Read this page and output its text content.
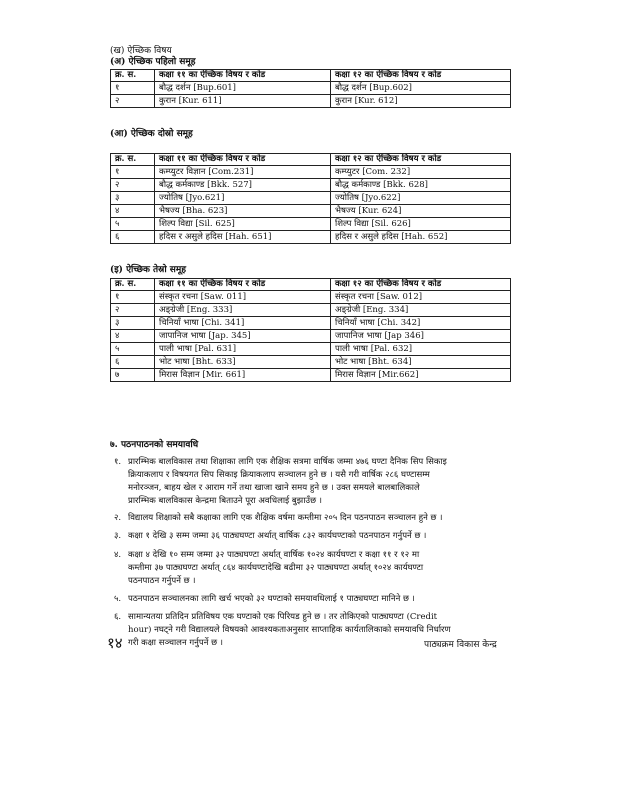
(ख) ऐच्छिक विषय
(अ) ऐच्छिक पहिलो समूह
क्र. स.	कक्षा ११ का ऐच्छिक विषय र कोड	कक्षा १२ का ऐच्छिक विषय र कोड
१	बौद्ध दर्शन [Bup.601]	बौद्ध दर्शन [Bup.602]
२	कुरान [Kur. 611]	कुरान [Kur. 612]
(आ) ऐच्छिक दोस्रो समूह
क्र. स.	कक्षा ११ का ऐच्छिक विषय र कोड	कक्षा १२ का ऐच्छिक विषय र कोड
१	कम्प्युटर विज्ञान [Com.231]	कम्प्युटर [Com. 232]
२	बौद्ध कर्मकाण्ड [Bkk. 527]	बौद्ध कर्मकाण्ड [Bkk. 628]
३	ज्योतिष [Jyo.621]	ज्योतिष [Jyo.622]
४	भैषज्य [Bha. 623]	भैषज्य [Kur. 624]
५	शिल्प विद्या [Sil. 625]	शिल्प विद्या [Sil. 626]
६	हदिस र असुले हदिस [Hah. 651]	हदिस र असुले हदिस [Hah. 652]
(इ) ऐच्छिक तेस्रो समूह
क्र. स.	कक्षा ११ का ऐच्छिक विषय र कोड	कक्षा १२ का ऐच्छिक विषय र कोड
१	संस्कृत रचना [Saw. 011]	संस्कृत रचना [Saw. 012]
२	अङ्ग्रेजी [Eng. 333]	अङ्ग्रेजी [Eng. 334]
३	चिनियाँ भाषा [Chi. 341]	चिनियाँ भाषा [Chi. 342]
४	जापानिज भाषा [Jap. 345]	जापानिज भाषा [Jap 346]
५	पाली भाषा [Pal. 631]	पाली भाषा [Pal. 632]
६	भोट भाषा [Bht. 633]	भोट भाषा [Bht. 634]
७	मिरास विज्ञान [Mir. 661]	मिरास विज्ञान [Mir.662]
७. पठनपाठनको समयावधि
१. प्रारम्भिक बालविकास तथा शिक्षाका लागि एक शैक्षिक सत्रमा वार्षिक जम्मा ४७६ घण्टा दैनिक सिप सिकाइ
क्रियाकलाप र विषयगत सिप सिकाइ क्रियाकलाप सञ्चालन हुने छ । यसै गरी वार्षिक २८६ घण्टासम्म
मनोरञ्जन, बाहय खेल र आराम गर्ने तथा खाजा खाने समय हुने छ । उक्त समयले बालबालिकाले
प्रारम्भिक बालविकास केन्द्रमा बिताउने पूरा अवधिलाई बुझाउँछ ।
२. विद्यालय शिक्षाको सबै कक्षाका लागि एक शैक्षिक वर्षमा कम्तीमा २०५ दिन पठनपाठन सञ्चालन हुने छ ।
३. कक्षा १ देखि ३ सम्म जम्मा ३६ पाठ्यघण्टा अर्थात् वार्षिक ८३२ कार्यघण्टाको पठनपाठन गर्नुपर्ने छ ।
४. कक्षा ४ देखि १० सम्म जम्मा ३२ पाठ्यघण्टा अर्थात् वार्षिक १०२४ कार्यघण्टा र कक्षा ११ र १२ मा
कम्तीमा ३७ पाठ्यघण्टा अर्थात् ८६४ कार्यघण्टादेखि बढीमा ३२ पाठ्यघण्टा अर्थात् १०२४ कार्यघण्टा
पठनपाठन गर्नुपर्ने छ ।
५. पठनपाठन सञ्चालनका लागि खर्च भएको ३२ घण्टाको समयावधिलाई १ पाठ्यघण्टा मानिने छ ।
६. सामान्यतया प्रतिदिन प्रतिविषय एक घण्टाको एक पिरियड हुने छ । तर तोकिएको पाठ्यघण्टा (Credit
hour) नघट्ने गरी विद्यालयले विषयको आवश्यकताअनुसार साप्ताहिक कार्यतालिकाको समयावधि निर्धारण
गरी कक्षा सञ्चालन गर्नुपर्ने छ ।
१४	पाठ्यक्रम विकास केन्द्र
